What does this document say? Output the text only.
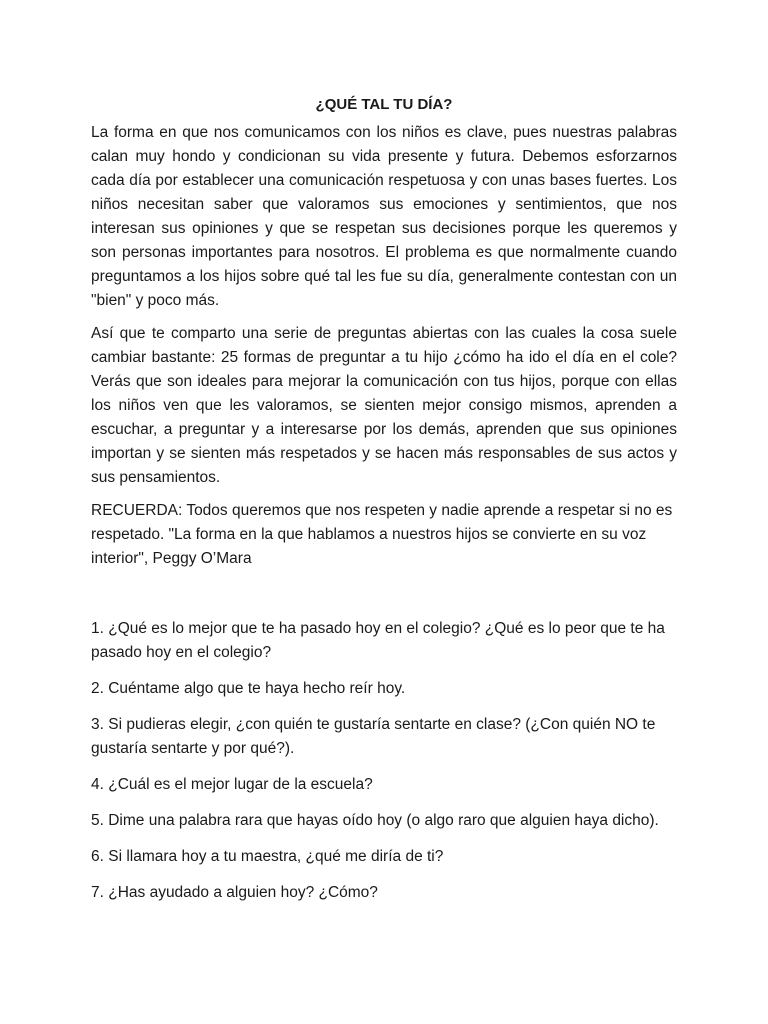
¿QUÉ TAL TU DÍA?

La forma en que nos comunicamos con los niños es clave, pues nuestras palabras calan muy hondo y condicionan su vida presente y futura. Debemos esforzarnos cada día por establecer una comunicación respetuosa y con unas bases fuertes. Los niños necesitan saber que valoramos sus emociones y sentimientos, que nos interesan sus opiniones y que se respetan sus decisiones porque les queremos y son personas importantes para nosotros. El problema es que normalmente cuando preguntamos a los hijos sobre qué tal les fue su día, generalmente contestan con un "bien" y poco más.

Así que te comparto una serie de preguntas abiertas con las cuales la cosa suele cambiar bastante: 25 formas de preguntar a tu hijo ¿cómo ha ido el día en el cole? Verás que son ideales para mejorar la comunicación con tus hijos, porque con ellas los niños ven que les valoramos, se sienten mejor consigo mismos, aprenden a escuchar, a preguntar y a interesarse por los demás, aprenden que sus opiniones importan y se sienten más respetados y se hacen más responsables de sus actos y sus pensamientos.

RECUERDA: Todos queremos que nos respeten y nadie aprende a respetar si no es respetado. "La forma en la que hablamos a nuestros hijos se convierte en su voz interior", Peggy O’Mara

1. ¿Qué es lo mejor que te ha pasado hoy en el colegio? ¿Qué es lo peor que te ha pasado hoy en el colegio?
2. Cuéntame algo que te haya hecho reír hoy.
3. Si pudieras elegir, ¿con quién te gustaría sentarte en clase? (¿Con quién NO te gustaría sentarte y por qué?).
4. ¿Cuál es el mejor lugar de la escuela?
5. Dime una palabra rara que hayas oído hoy (o algo raro que alguien haya dicho).
6. Si llamara hoy a tu maestra, ¿qué me diría de ti?
7. ¿Has ayudado a alguien hoy? ¿Cómo?
